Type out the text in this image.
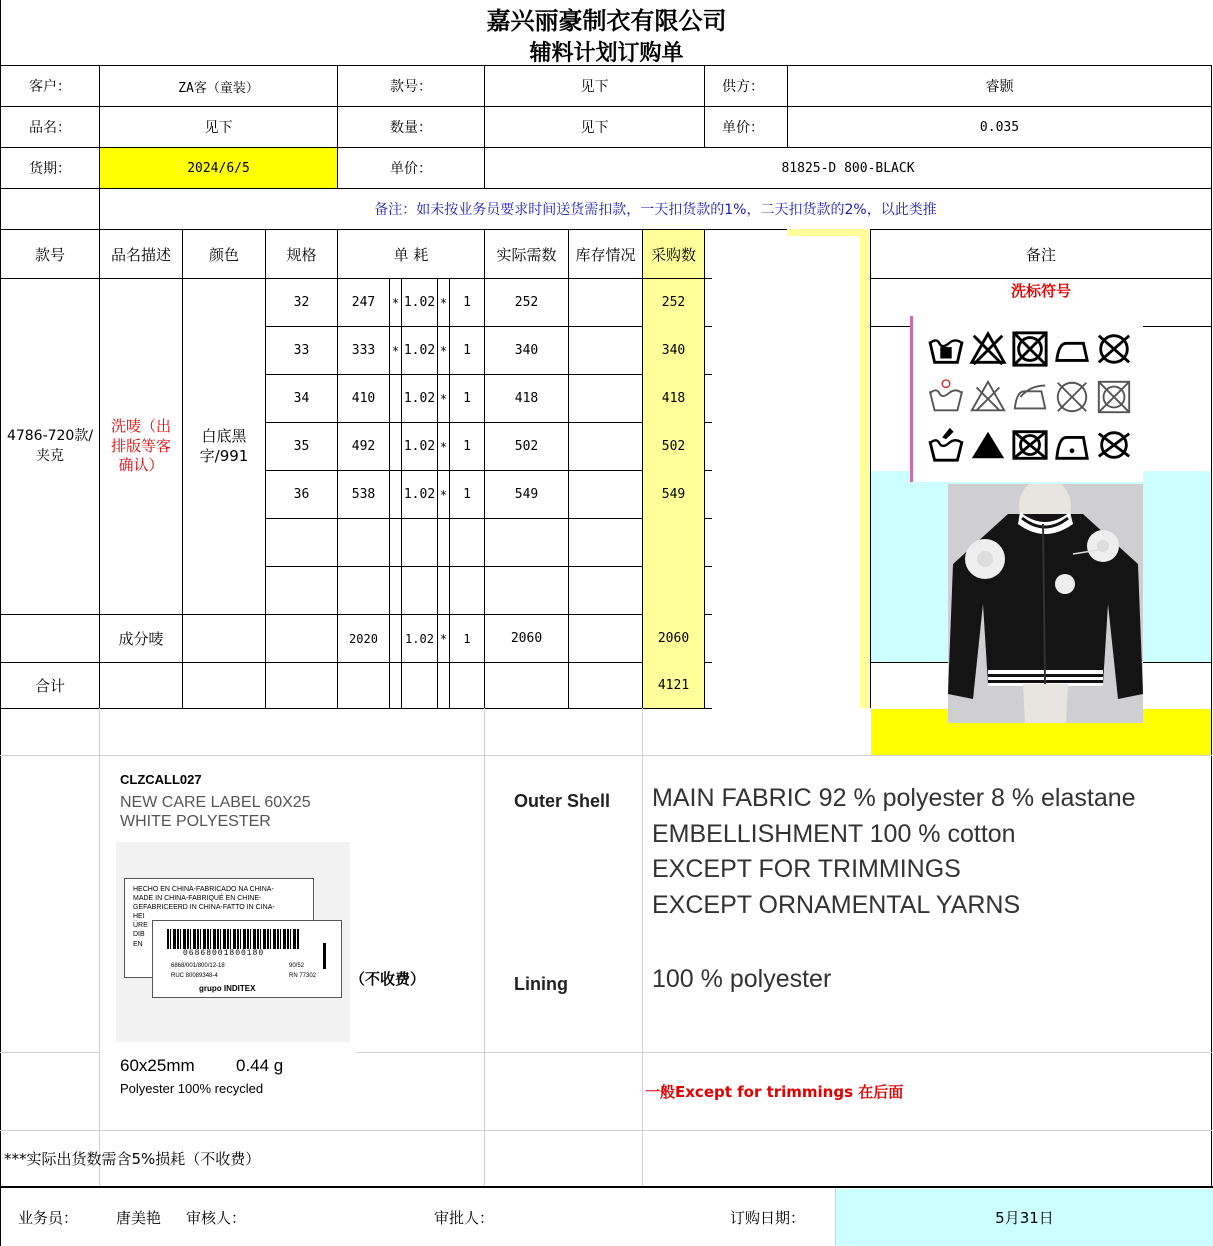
嘉兴丽豪制衣有限公司
辅料计划订购单
客户：	ZA客（童装）	款号：	见下	供方：	睿颢
品名：	见下	数量：	见下	单价：	0.035
货期：	2024/6/5	单价：	81825-D 800-BLACK
备注：如未按业务员要求时间送货需扣款，一天扣货款的1%，二天扣货款的2%，以此类推
款号	品名描述	颜色	规格	单 耗	实际需数	库存情况	采购数	备注
4786-720款/夹克
洗唛（出排版等客确认）
白底黑字/991
32	247	* 1.02 *	1	252	252
33	333	* 1.02 *	1	340	340
34	410	1.02 *	1	418	418
35	492	1.02 *	1	502	502
36	538	1.02 *	1	549	549
成分唛	2020	1.02 *	1	2060	2060
合计	4121
洗标符号
CLZCALL027
NEW CARE LABEL 60X25
WHITE POLYESTER
HECHO EN CHINA-FABRICADO NA CHINA-
MADE IN CHINA-FABRIQUÉ EN CHINE-
GEFABRICEERD IN CHINA-FATTO IN CINA-
HEI
ÜRE
DIB
EN
06868001800180
6868/001/800/12-18	90/52
RUC 80089348-4	RN 77302
grupo INDITEX
60x25mm 0.44 g
Polyester 100% recycled
（不收费）
Outer Shell MAIN FABRIC 92 % polyester 8 % elastane
EMBELLISHMENT 100 % cotton
EXCEPT FOR TRIMMINGS
EXCEPT ORNAMENTAL YARNS
Lining	100 % polyester
一般Except for trimmings 在后面
***实际出货数需含5%损耗（不收费）
业务员：	唐美艳 审核人：	审批人：	订购日期：	5月31日
